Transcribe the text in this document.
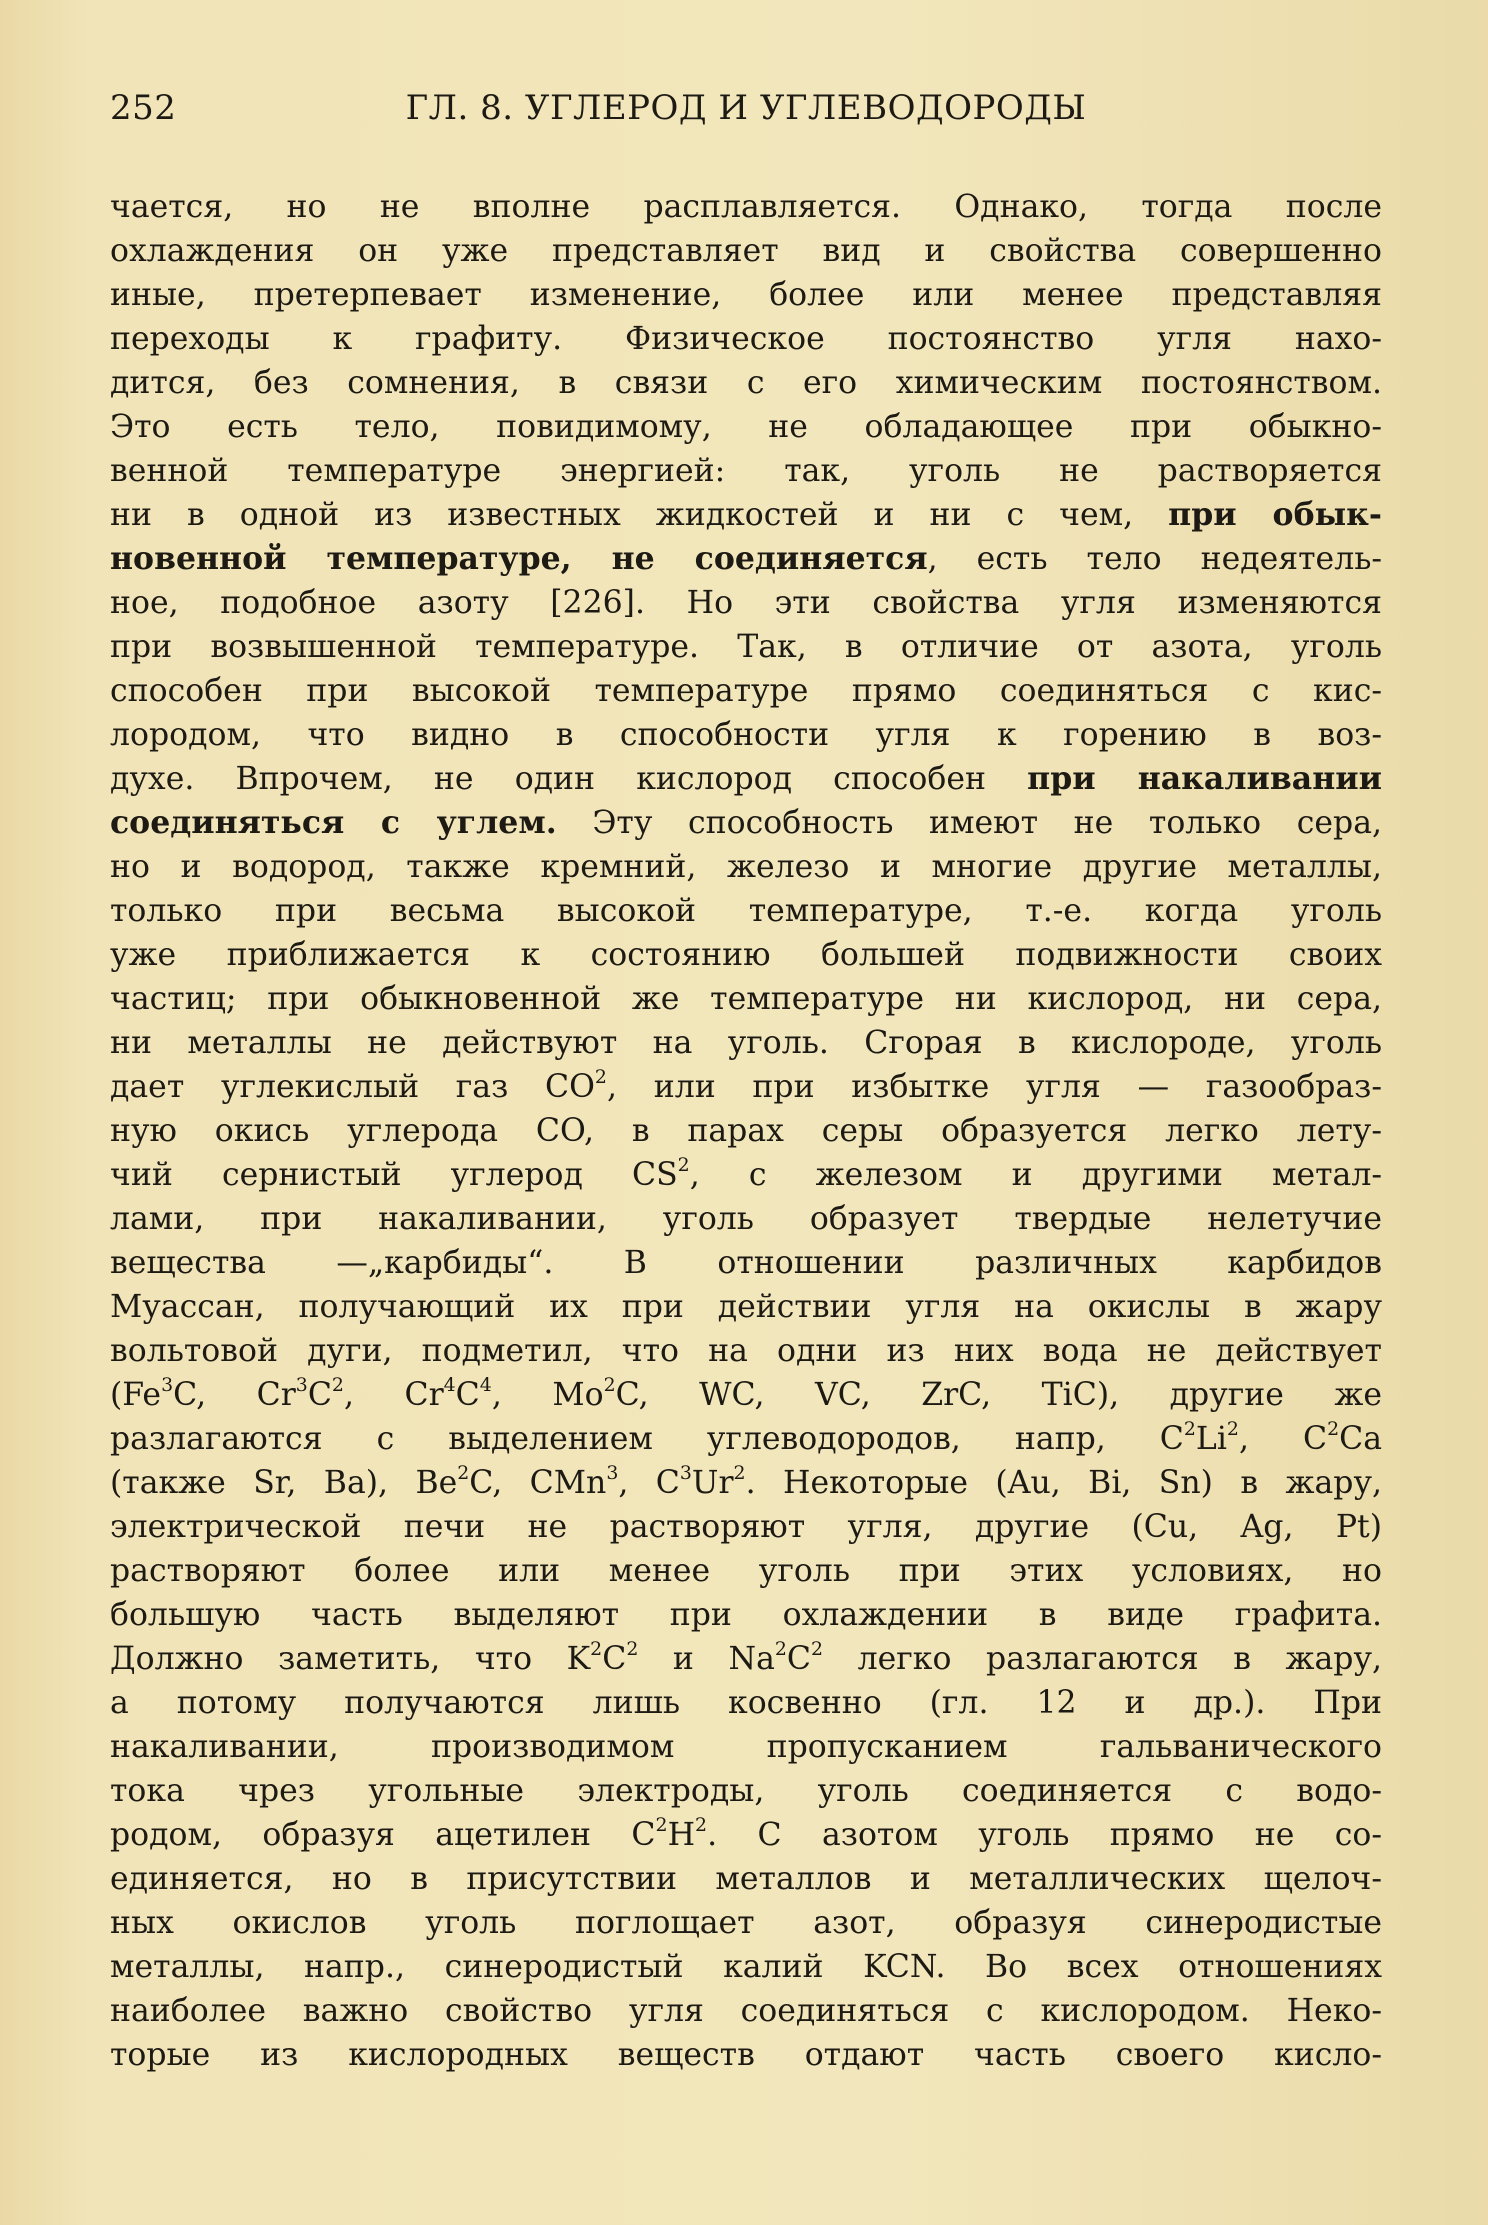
252	ГЛ. 8. УГЛЕРОД И УГЛЕВОДОРОДЫ
чается, но не вполне расплавляется. Однако, тогда после
охлаждения он уже представляет вид и свойства совершенно
иные, претерпевает изменение, более или менее представляя
переходы к графиту. Физическое постоянство угля нахо-
дится, без сомнения, в связи с его химическим постоянством.
Это есть тело, повидимому, не обладающее при обыкно-
венной температуре энергией: так, уголь не растворяется
ни в одной из известных жидкостей и ни с чем, при обык-
новенной температуре, не соединяется, есть тело недеятель-
ное, подобное азоту [226]. Но эти свойства угля изменяются
при возвышенной температуре. Так, в отличие от азота, уголь
способен при высокой температуре прямо соединяться с кис-
лородом, что видно в способности угля к горению в воз-
духе. Впрочем, не один кислород способен при накаливании
соединяться с углем. Эту способность имеют не только сера,
но и водород, также кремний, железо и многие другие металлы,
только при весьма высокой температуре, т.-е. когда уголь
уже приближается к состоянию большей подвижности своих
частиц; при обыкновенной же температуре ни кислород, ни сера,
ни металлы не действуют на уголь. Сгорая в кислороде, уголь
дает углекислый газ $CO^2$, или при избытке угля — газообраз-
ную окись углерода CO, в парах серы образуется легко лету-
чий сернистый углерод $CS^2$, с железом и другими метал-
лами, при накаливании, уголь образует твердые нелетучие
вещества —„карбиды“. В отношении различных карбидов
Муассан, получающий их при действии угля на окислы в жару
вольтовой дуги, подметил, что на одни из них вода не действует
(Fe$^3$C, $Cr^3C^2$, $Cr^4C^4$, Mo$^2$C, WC, VC, ZrC, TiC), другие же
разлагаются с выделением углеводородов, напр, $C^2Li^2$, $C^2Ca$
(также Sr, Ba), Be$^2$C, CMn$^3$, $C^3Ur^2$. Некоторые (Au, Bi, Sn) в жару,
электрической печи не растворяют угля, другие (Cu, Ag, Pt)
растворяют более или менее уголь при этих условиях, но
большую часть выделяют при охлаждении в виде графита.
Должно заметить, что $K^2C^2$ и $Na^2C^2$ легко разлагаются в жару,
а потому получаются лишь косвенно (гл. 12 и др.). При
накаливании, производимом пропусканием гальванического
тока чрез угольные электроды, уголь соединяется с водо-
родом, образуя ацетилен $C^2H^2$. С азотом уголь прямо не со-
единяется, но в присутствии металлов и металлических щелоч-
ных окислов уголь поглощает азот, образуя синеродистые
металлы, напр., синеродистый калий KCN. Во всех отношениях
наиболее важно свойство угля соединяться с кислородом. Неко-
торые из кислородных веществ отдают часть своего кисло-
